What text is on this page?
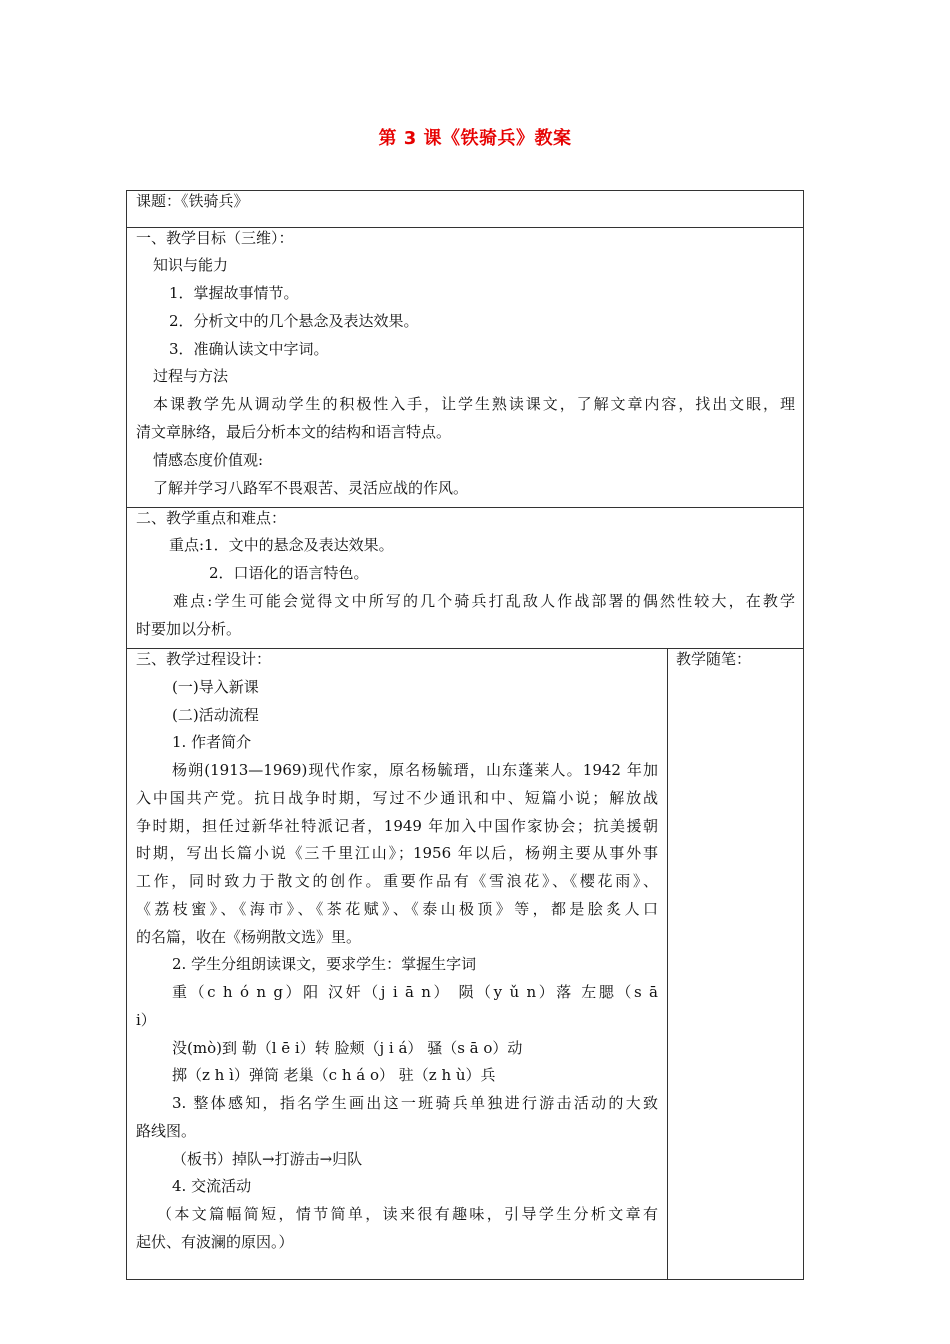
第 3 课《铁骑兵》教案
课题：《铁骑兵》
一、教学目标（三维）：
知识与能力
1．掌握故事情节。
2．分析文中的几个悬念及表达效果。
3．准确认读文中字词。
过程与方法
本课教学先从调动学生的积极性入手，让学生熟读课文，了解文章内容，找出文眼，理
清文章脉络，最后分析本文的结构和语言特点。
情感态度价值观:
了解并学习八路军不畏艰苦、灵活应战的作风。
二、教学重点和难点：
重点:1．文中的悬念及表达效果。
2．口语化的语言特色。
难点:学生可能会觉得文中所写的几个骑兵打乱敌人作战部署的偶然性较大，在教学
时要加以分析。
三、教学过程设计：	教学随笔：
(一)导入新课
(二)活动流程
1. 作者简介
杨朔(1913—1969)现代作家，原名杨毓瑨，山东蓬莱人。1942 年加
入中国共产党。抗日战争时期，写过不少通讯和中、短篇小说；解放战
争时期，担任过新华社特派记者，1949 年加入中国作家协会；抗美援朝
时期，写出长篇小说《三千里江山》；1956 年以后，杨朔主要从事外事
工作，同时致力于散文的创作。重要作品有《雪浪花》、《樱花雨》、
《荔枝蜜》、《海市》、《茶花赋》、《泰山极顶》等，都是脍炙人口
的名篇，收在《杨朔散文选》里。
2. 学生分组朗读课文，要求学生：掌握生字词
重（c h ó n g）阳 汉奸（j i ā n） 陨（y ǔ n）落 左腮（s ā
i）
没(mò)到 勒（l ē i）转 脸颊（j i á） 骚（s ā o）动
掷（z h ì）弹筒 老巢（c h á o） 驻（z h ù）兵
3. 整体感知，指名学生画出这一班骑兵单独进行游击活动的大致
路线图。
（板书）掉队→打游击→归队
4. 交流活动
（本文篇幅简短，情节简单，读来很有趣味，引导学生分析文章有
起伏、有波澜的原因。）
